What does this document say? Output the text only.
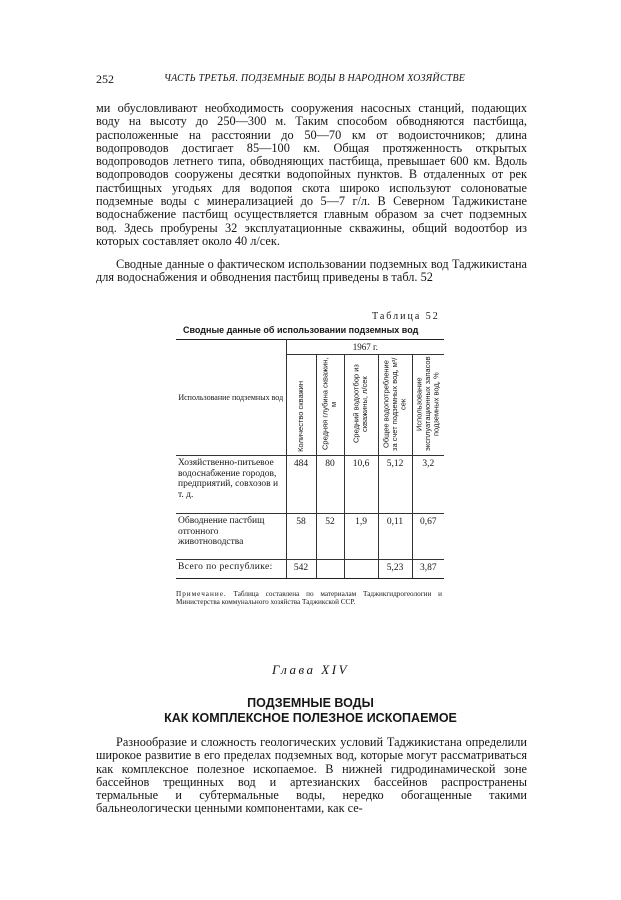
252	ЧАСТЬ ТРЕТЬЯ. ПОДЗЕМНЫЕ ВОДЫ В НАРОДНОМ ХОЗЯЙСТВЕ

ми обусловливают необходимость сооружения насосных станций, подающих воду на высоту до 250—300 м. Таким способом обводняются пастбища, расположенные на расстоянии до 50—70 км от водоисточников; длина водопроводов достигает 85—100 км. Общая протяженность открытых водопроводов летнего типа, обводняющих пастбища, превышает 600 км. Вдоль водопроводов сооружены десятки водопойных пунктов. В отдаленных от рек пастбищных угодьях для водопоя скота широко используют солоноватые подземные воды с минерализацией до 5—7 г/л. В Северном Таджикистане водоснабжение пастбищ осуществляется главным образом за счет подземных вод. Здесь пробурены 32 эксплуатационные скважины, общий водоотбор из которых составляет около 40 л/сек.

Сводные данные о фактическом использовании подземных вод Таджикистана для водоснабжения и обводнения пастбищ приведены в табл. 52

Таблица 52
Сводные данные об использовании подземных вод
Использование подземных вод	1967 г.				

	Количество скважин	Средняя глубина скважин, м	Средний водоотбор из скважины, л/сек	Общее водопотребление за счет подземных вод, м³/сек	Использование эксплуатационных запасов подземных вод, %

Хозяйственно-питьевое водоснабжение городов, предприятий, совхозов и т. д.	484	80	10,6	5,12	3,2
Обводнение пастбищ отгонного животноводства	58	52	1,9	0,11	0,67
Всего по республике:	542			5,23	3,87

Примечание. Таблица составлена по материалам Таджикгидрогеологии и Министерства коммунального хозяйства Таджикской ССР.

Глава XIV
ПОДЗЕМНЫЕ ВОДЫ
КАК КОМПЛЕКСНОЕ ПОЛЕЗНОЕ ИСКОПАЕМОЕ

Разнообразие и сложность геологических условий Таджикистана определили широкое развитие в его пределах подземных вод, которые могут рассматриваться как комплексное полезное ископаемое. В нижней гидродинамической зоне бассейнов трещинных вод и артезианских бассейнов распространены термальные и субтермальные воды, нередко обогащенные такими бальнеологически ценными компонентами, как се-
